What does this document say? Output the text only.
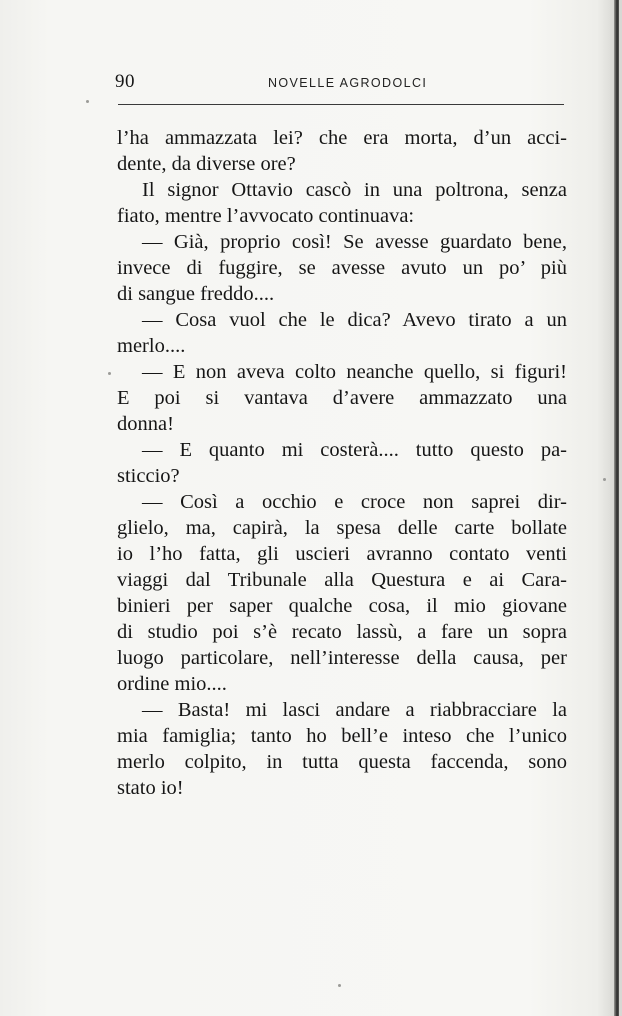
90	NOVELLE AGRODOLCI
l’ha ammazzata lei? che era morta, d’un acci-
dente, da diverse ore?
Il signor Ottavio cascò in una poltrona, senza
fiato, mentre l’avvocato continuava:
— Già, proprio così! Se avesse guardato bene,
invece di fuggire, se avesse avuto un po’ più
di sangue freddo....
— Cosa vuol che le dica? Avevo tirato a un
merlo....
— E non aveva colto neanche quello, si figuri!
E poi si vantava d’avere ammazzato una
donna!
— E quanto mi costerà.... tutto questo pa-
sticcio?
— Così a occhio e croce non saprei dir-
glielo, ma, capirà, la spesa delle carte bollate
io l’ho fatta, gli uscieri avranno contato venti
viaggi dal Tribunale alla Questura e ai Cara-
binieri per saper qualche cosa, il mio giovane
di studio poi s’è recato lassù, a fare un sopra
luogo particolare, nell’interesse della causa, per
ordine mio....
— Basta! mi lasci andare a riabbracciare la
mia famiglia; tanto ho bell’e inteso che l’unico
merlo colpito, in tutta questa faccenda, sono
stato io!
